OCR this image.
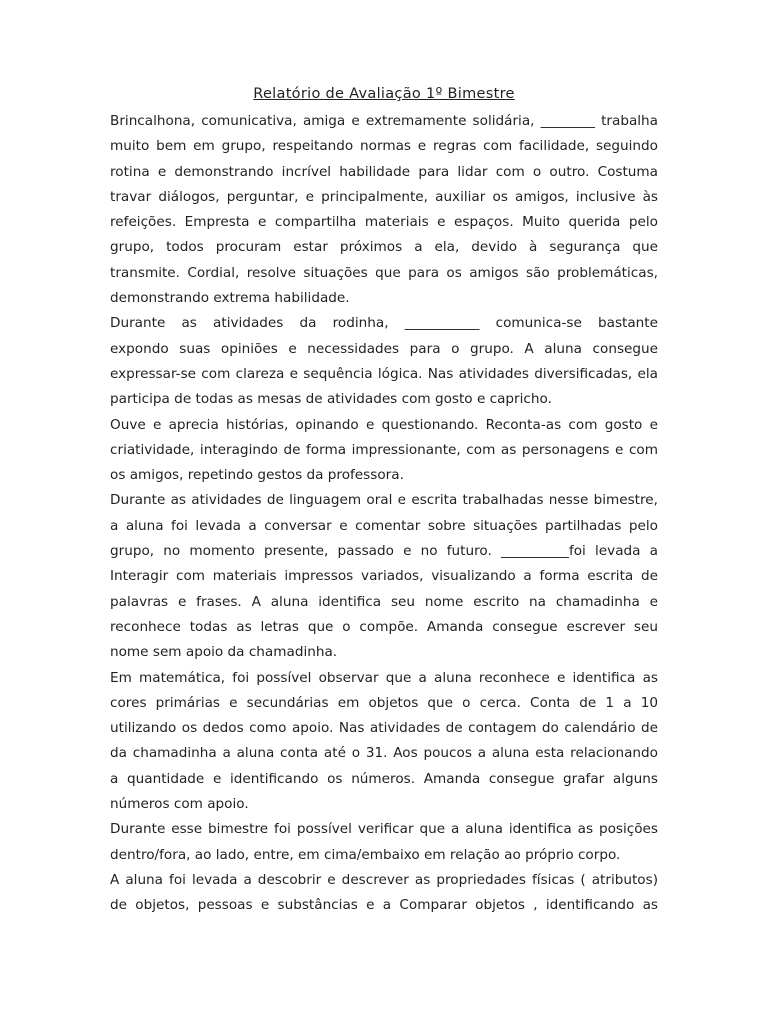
Relatório de Avaliação 1º Bimestre
Brincalhona, comunicativa, amiga e extremamente solidária, ________ trabalha
muito bem em grupo, respeitando normas e regras com facilidade, seguindo
rotina e demonstrando incrível habilidade para lidar com o outro. Costuma
travar diálogos, perguntar, e principalmente, auxiliar os amigos, inclusive às
refeições. Empresta e compartilha materiais e espaços. Muito querida pelo
grupo, todos procuram estar próximos a ela, devido à segurança que
transmite. Cordial, resolve situações que para os amigos são problemáticas,
demonstrando extrema habilidade.
Durante as atividades da rodinha, ___________ comunica-se bastante
expondo suas opiniões e necessidades para o grupo. A aluna consegue
expressar-se com clareza e sequência lógica. Nas atividades diversificadas, ela
participa de todas as mesas de atividades com gosto e capricho.
Ouve e aprecia histórias, opinando e questionando. Reconta-as com gosto e
criatividade, interagindo de forma impressionante, com as personagens e com
os amigos, repetindo gestos da professora.
Durante as atividades de linguagem oral e escrita trabalhadas nesse bimestre,
a aluna foi levada a conversar e comentar sobre situações partilhadas pelo
grupo, no momento presente, passado e no futuro. __________foi levada a
Interagir com materiais impressos variados, visualizando a forma escrita de
palavras e frases. A aluna identifica seu nome escrito na chamadinha e
reconhece todas as letras que o compõe. Amanda consegue escrever seu
nome sem apoio da chamadinha.
Em matemática, foi possível observar que a aluna reconhece e identifica as
cores primárias e secundárias em objetos que o cerca. Conta de 1 a 10
utilizando os dedos como apoio. Nas atividades de contagem do calendário de
da chamadinha a aluna conta até o 31. Aos poucos a aluna esta relacionando
a quantidade e identificando os números. Amanda consegue grafar alguns
números com apoio.
Durante esse bimestre foi possível verificar que a aluna identifica as posições
dentro/fora, ao lado, entre, em cima/embaixo em relação ao próprio corpo.
A aluna foi levada a descobrir e descrever as propriedades físicas ( atributos)
de objetos, pessoas e substâncias e a Comparar objetos , identificando as
